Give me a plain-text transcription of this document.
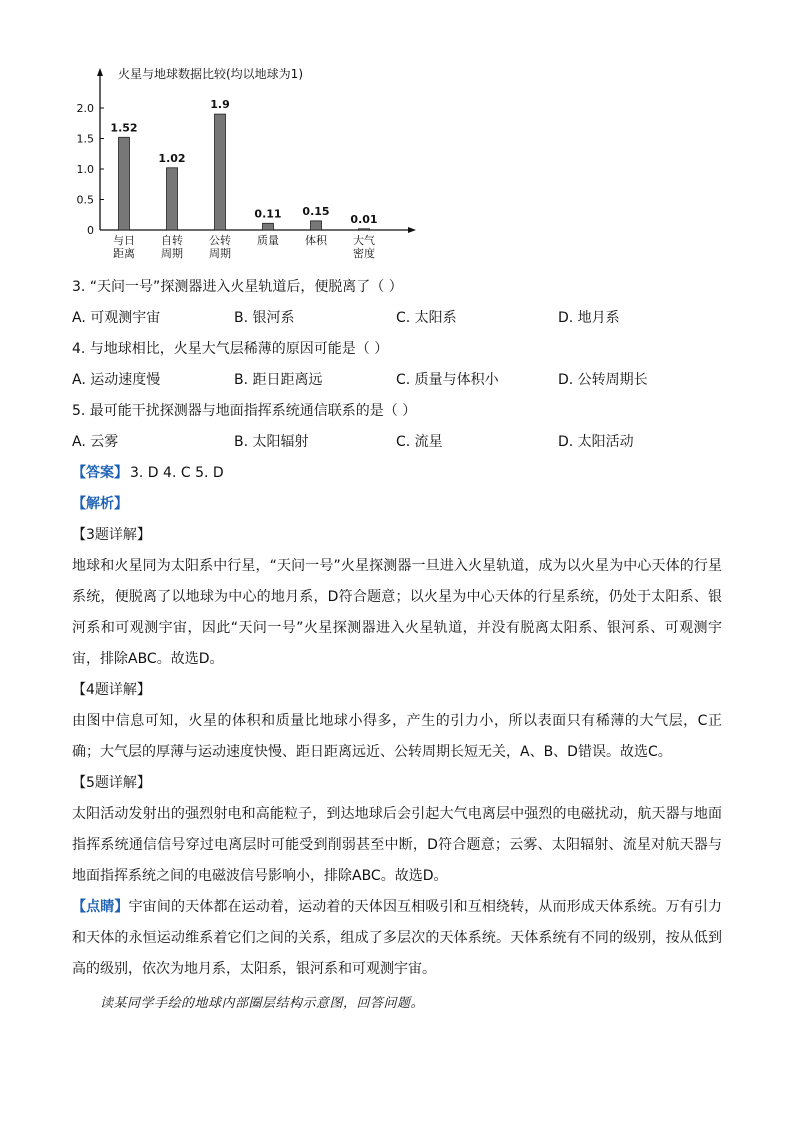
火星与地球数据比较(均以地球为1)
0
0.5
1.0
1.5
2.0
1.52
与日
距离
1.02
自转
周期
1.9
公转
周期
0.11
质量
0.15
体积
0.01
大气
密度
3. “天问一号”探测器进入火星轨道后，便脱离了（ ）
A. 可观测宇宙	B. 银河系	C. 太阳系	D. 地月系
4. 与地球相比，火星大气层稀薄的原因可能是（ ）
A. 运动速度慢	B. 距日距离远	C. 质量与体积小	D. 公转周期长
5. 最可能干扰探测器与地面指挥系统通信联系的是（ ）
A. 云雾	B. 太阳辐射	C. 流星	D. 太阳活动
【答案】 3. D 4. C 5. D
【解析】
【3题详解】
地球和火星同为太阳系中行星，“天问一号”火星探测器一旦进入火星轨道，成为以火星为中心天体的行星系统，便脱离了以地球为中心的地月系，D符合题意；以火星为中心天体的行星系统，仍处于太阳系、银河系和可观测宇宙，因此“天问一号”火星探测器进入火星轨道，并没有脱离太阳系、银河系、可观测宇宙，排除ABC。故选D。
【4题详解】
由图中信息可知，火星的体积和质量比地球小得多，产生的引力小，所以表面只有稀薄的大气层，C正确；大气层的厚薄与运动速度快慢、距日距离远近、公转周期长短无关，A、B、D错误。故选C。
【5题详解】
太阳活动发射出的强烈射电和高能粒子，到达地球后会引起大气电离层中强烈的电磁扰动，航天器与地面指挥系统通信信号穿过电离层时可能受到削弱甚至中断，D符合题意；云雾、太阳辐射、流星对航天器与地面指挥系统之间的电磁波信号影响小，排除ABC。故选D。
【点睛】宇宙间的天体都在运动着，运动着的天体因互相吸引和互相绕转，从而形成天体系统。万有引力和天体的永恒运动维系着它们之间的关系，组成了多层次的天体系统。天体系统有不同的级别，按从低到高的级别，依次为地月系，太阳系，银河系和可观测宇宙。
读某同学手绘的地球内部圈层结构示意图，回答问题。
